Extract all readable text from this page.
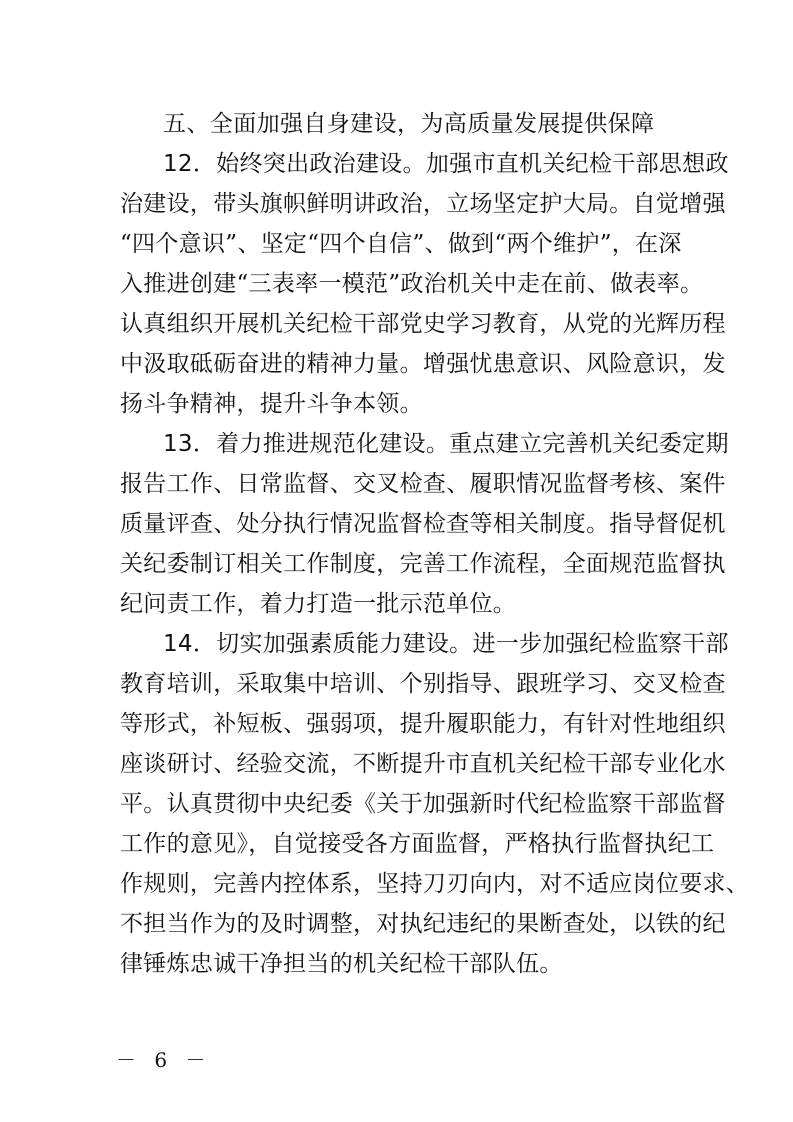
五、全面加强自身建设，为高质量发展提供保障
12．始终突出政治建设。加强市直机关纪检干部思想政
治建设，带头旗帜鲜明讲政治，立场坚定护大局。自觉增强
“四个意识”、坚定“四个自信”、做到“两个维护”，在深
入推进创建“三表率一模范”政治机关中走在前、做表率。
认真组织开展机关纪检干部党史学习教育，从党的光辉历程
中汲取砥砺奋进的精神力量。增强忧患意识、风险意识，发
扬斗争精神，提升斗争本领。
13．着力推进规范化建设。重点建立完善机关纪委定期
报告工作、日常监督、交叉检查、履职情况监督考核、案件
质量评查、处分执行情况监督检查等相关制度。指导督促机
关纪委制订相关工作制度，完善工作流程，全面规范监督执
纪问责工作，着力打造一批示范单位。
14．切实加强素质能力建设。进一步加强纪检监察干部
教育培训，采取集中培训、个别指导、跟班学习、交叉检查
等形式，补短板、强弱项，提升履职能力，有针对性地组织
座谈研讨、经验交流，不断提升市直机关纪检干部专业化水
平。认真贯彻中央纪委《关于加强新时代纪检监察干部监督
工作的意见》，自觉接受各方面监督，严格执行监督执纪工
作规则，完善内控体系，坚持刀刃向内，对不适应岗位要求、
不担当作为的及时调整，对执纪违纪的果断查处，以铁的纪
律锤炼忠诚干净担当的机关纪检干部队伍。
－ 6 －
